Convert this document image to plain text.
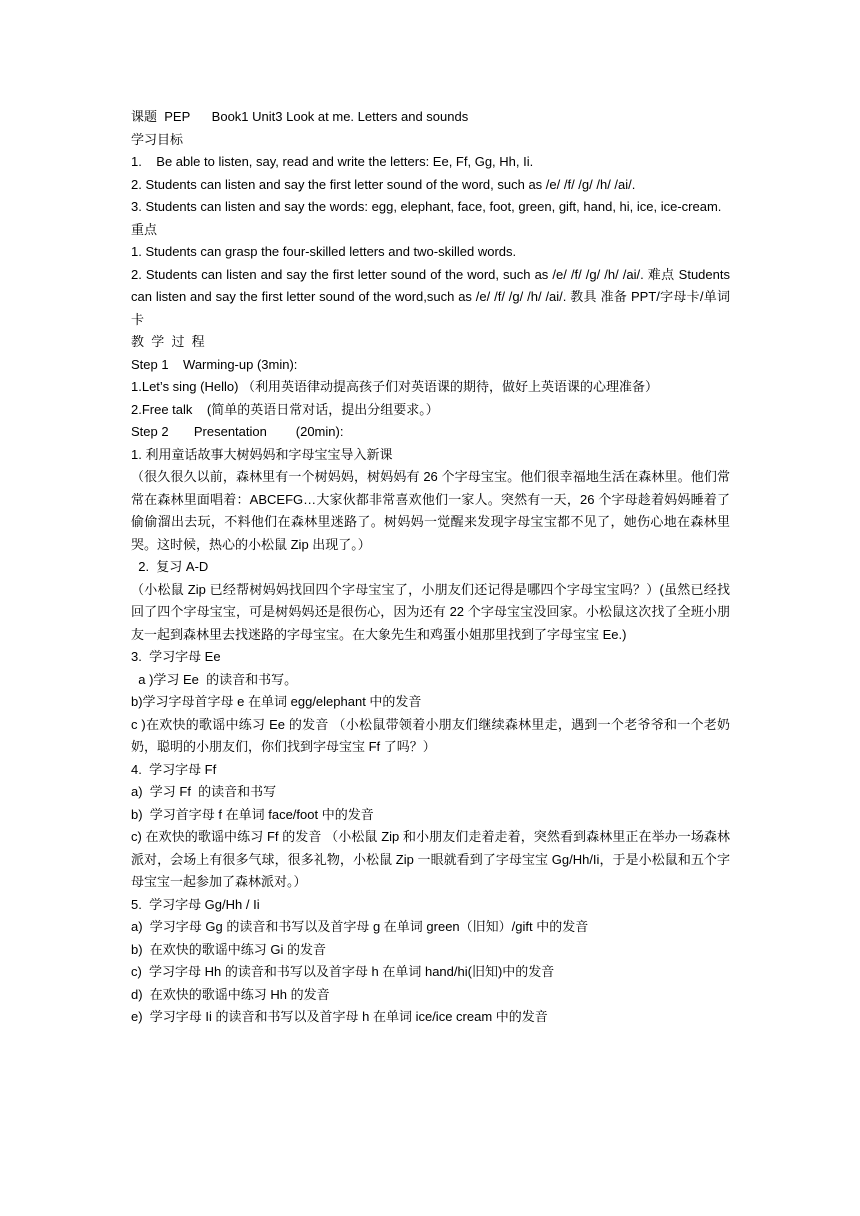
课题  PEP      Book1 Unit3 Look at me. Letters and sounds
学习目标
1.    Be able to listen, say, read and write the letters: Ee, Ff, Gg, Hh, Ii.
2. Students can listen and say the first letter sound of the word, such as /e/ /f/ /g/ /h/ /ai/.
3. Students can listen and say the words: egg, elephant, face, foot, green, gift, hand, hi, ice, ice-cream.
重点
1. Students can grasp the four-skilled letters and two-skilled words.
2. Students can listen and say the first letter sound of the word, such as /e/ /f/ /g/ /h/ /ai/. 难点 Students can listen and say the first letter sound of the word,such as /e/ /f/ /g/ /h/ /ai/. 教具 准备 PPT/字母卡/单词卡
教  学  过  程
Step 1    Warming-up (3min):
1.Let’s sing (Hello) （利用英语律动提高孩子们对英语课的期待，做好上英语课的心理准备）
2.Free talk    (简单的英语日常对话，提出分组要求。）
Step 2       Presentation        (20min):
1. 利用童话故事大树妈妈和字母宝宝导入新课
（很久很久以前，森林里有一个树妈妈，树妈妈有 26 个字母宝宝。他们很幸福地生活在森林里。他们常常在森林里面唱着：ABCEFG…大家伙都非常喜欢他们一家人。突然有一天，26 个字母趁着妈妈睡着了偷偷溜出去玩，不料他们在森林里迷路了。树妈妈一觉醒来发现字母宝宝都不见了，她伤心地在森林里哭。这时候，热心的小松鼠 Zip 出现了。）
2.  复习 A-D
（小松鼠 Zip 已经帮树妈妈找回四个字母宝宝了，小朋友们还记得是哪四个字母宝宝吗？）(虽然已经找回了四个字母宝宝，可是树妈妈还是很伤心，因为还有 22 个字母宝宝没回家。小松鼠这次找了全班小朋友一起到森林里去找迷路的字母宝宝。在大象先生和鸡蛋小姐那里找到了字母宝宝 Ee.)
3.  学习字母 Ee
a )学习 Ee  的读音和书写。
b)学习字母首字母 e 在单词 egg/elephant 中的发音
c )在欢快的歌谣中练习 Ee 的发音 （小松鼠带领着小朋友们继续森林里走，遇到一个老爷爷和一个老奶奶，聪明的小朋友们，你们找到字母宝宝 Ff 了吗？）
4.  学习字母 Ff
a)  学习 Ff  的读音和书写
b)  学习首字母 f 在单词 face/foot 中的发音
c) 在欢快的歌谣中练习 Ff 的发音 （小松鼠 Zip 和小朋友们走着走着，突然看到森林里正在举办一场森林派对，会场上有很多气球，很多礼物，小松鼠 Zip 一眼就看到了字母宝宝 Gg/Hh/Ii，于是小松鼠和五个字母宝宝一起参加了森林派对。）
5.  学习字母 Gg/Hh / Ii
a)  学习字母 Gg 的读音和书写以及首字母 g 在单词 green（旧知）/gift 中的发音
b)  在欢快的歌谣中练习 Gi 的发音
c)  学习字母 Hh 的读音和书写以及首字母 h 在单词 hand/hi(旧知)中的发音
d)  在欢快的歌谣中练习 Hh 的发音
e)  学习字母 Ii 的读音和书写以及首字母 h 在单词 ice/ice cream 中的发音
